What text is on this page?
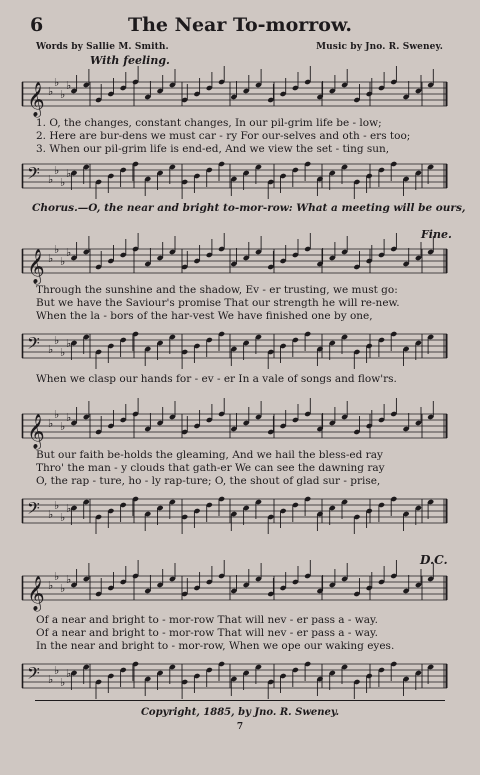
6	The Near To-morrow.
Words by Sallie M. Smith.	Music by Jno. R. Sweney.
With feeling.
𝄞 ♭
♭
♭
♭
1. O, the changes, constant changes, In our pil-grim life be - low;
2. Here are bur-dens we must car - ry For our-selves and oth - ers too;
3. When our pil-grim life is end-ed, And we view the set - ting sun,
𝄢 ♭
♭
♭
♭
Chorus.—O, the near and bright to-mor-row: What a meeting will be ours,
Fine.
𝄞 ♭
♭
♭
♭
Through the sunshine and the shadow, Ev - er trusting, we must go:
But we have the Saviour's promise That our strength he will re-new.
When the la - bors of the har-vest We have finished one by one,
𝄢 ♭
♭
♭
♭
When we clasp our hands for - ev - er In a vale of songs and flow'rs.
𝄞 ♭
♭
♭
♭
But our faith be-holds the gleaming, And we hail the bless-ed ray
Thro' the man - y clouds that gath-er We can see the dawning ray
O, the rap - ture, ho - ly rap-ture; O, the shout of glad sur - prise,
𝄢 ♭
♭
♭
♭
D.C.
𝄞 ♭
♭
♭
♭
Of a near and bright to - mor-row That will nev - er pass a - way.
Of a near and bright to - mor-row That will nev - er pass a - way.
In the near and bright to - mor-row, When we ope our waking eyes.
𝄢 ♭
♭
♭
♭
Copyright, 1885, by Jno. R. Sweney.
7
